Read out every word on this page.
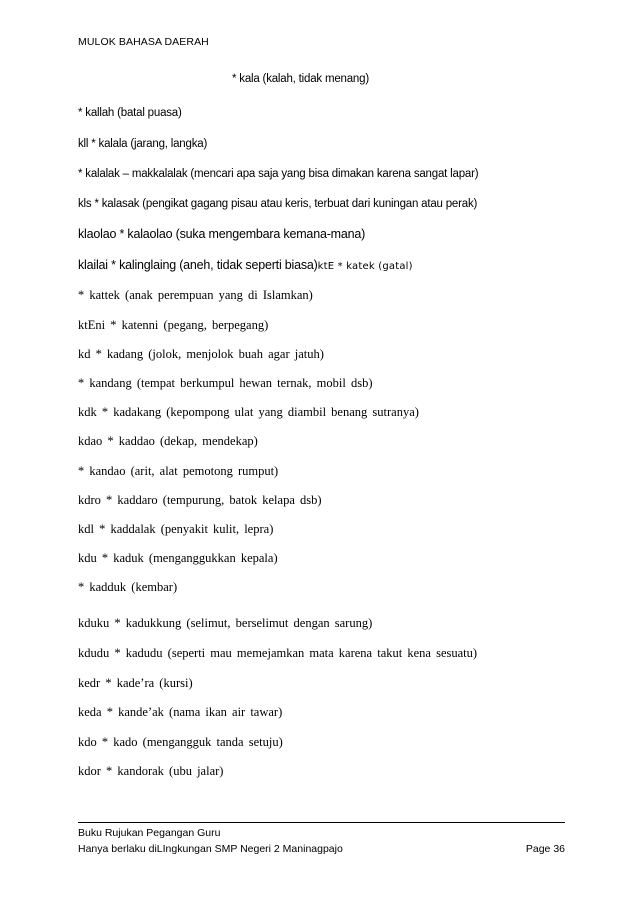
MULOK BAHASA DAERAH
* kala (kalah, tidak menang)
* kallah (batal puasa)
kll * kalala (jarang, langka)
* kalalak – makkalalak (mencari apa saja yang bisa dimakan karena sangat lapar)
kls * kalasak (pengikat gagang pisau atau keris, terbuat dari kuningan atau perak)
klaolao * kalaolao (suka mengembara kemana-mana)
klailai * kalinglaing (aneh, tidak seperti biasa)ktE * katek (gatal)
* kattek (anak perempuan yang di Islamkan)
ktEni * katenni (pegang, berpegang)
kd * kadang (jolok, menjolok buah agar jatuh)
* kandang (tempat berkumpul hewan ternak, mobil dsb)
kdk * kadakang (kepompong ulat yang diambil benang sutranya)
kdao * kaddao (dekap, mendekap)
* kandao (arit, alat pemotong rumput)
kdro * kaddaro (tempurung, batok kelapa dsb)
kdl * kaddalak (penyakit kulit, lepra)
kdu * kaduk (menganggukkan kepala)
* kadduk (kembar)
kduku * kadukkung (selimut, berselimut dengan sarung)
kdudu * kadudu (seperti mau memejamkan mata karena takut kena sesuatu)
kedr * kade’ra (kursi)
keda * kande’ak (nama ikan air tawar)
kdo * kado (mengangguk tanda setuju)
kdor * kandorak (ubu jalar)
Buku Rujukan Pegangan Guru
Hanya berlaku diLIngkungan SMP Negeri 2 Maninagpajo	Page 36
